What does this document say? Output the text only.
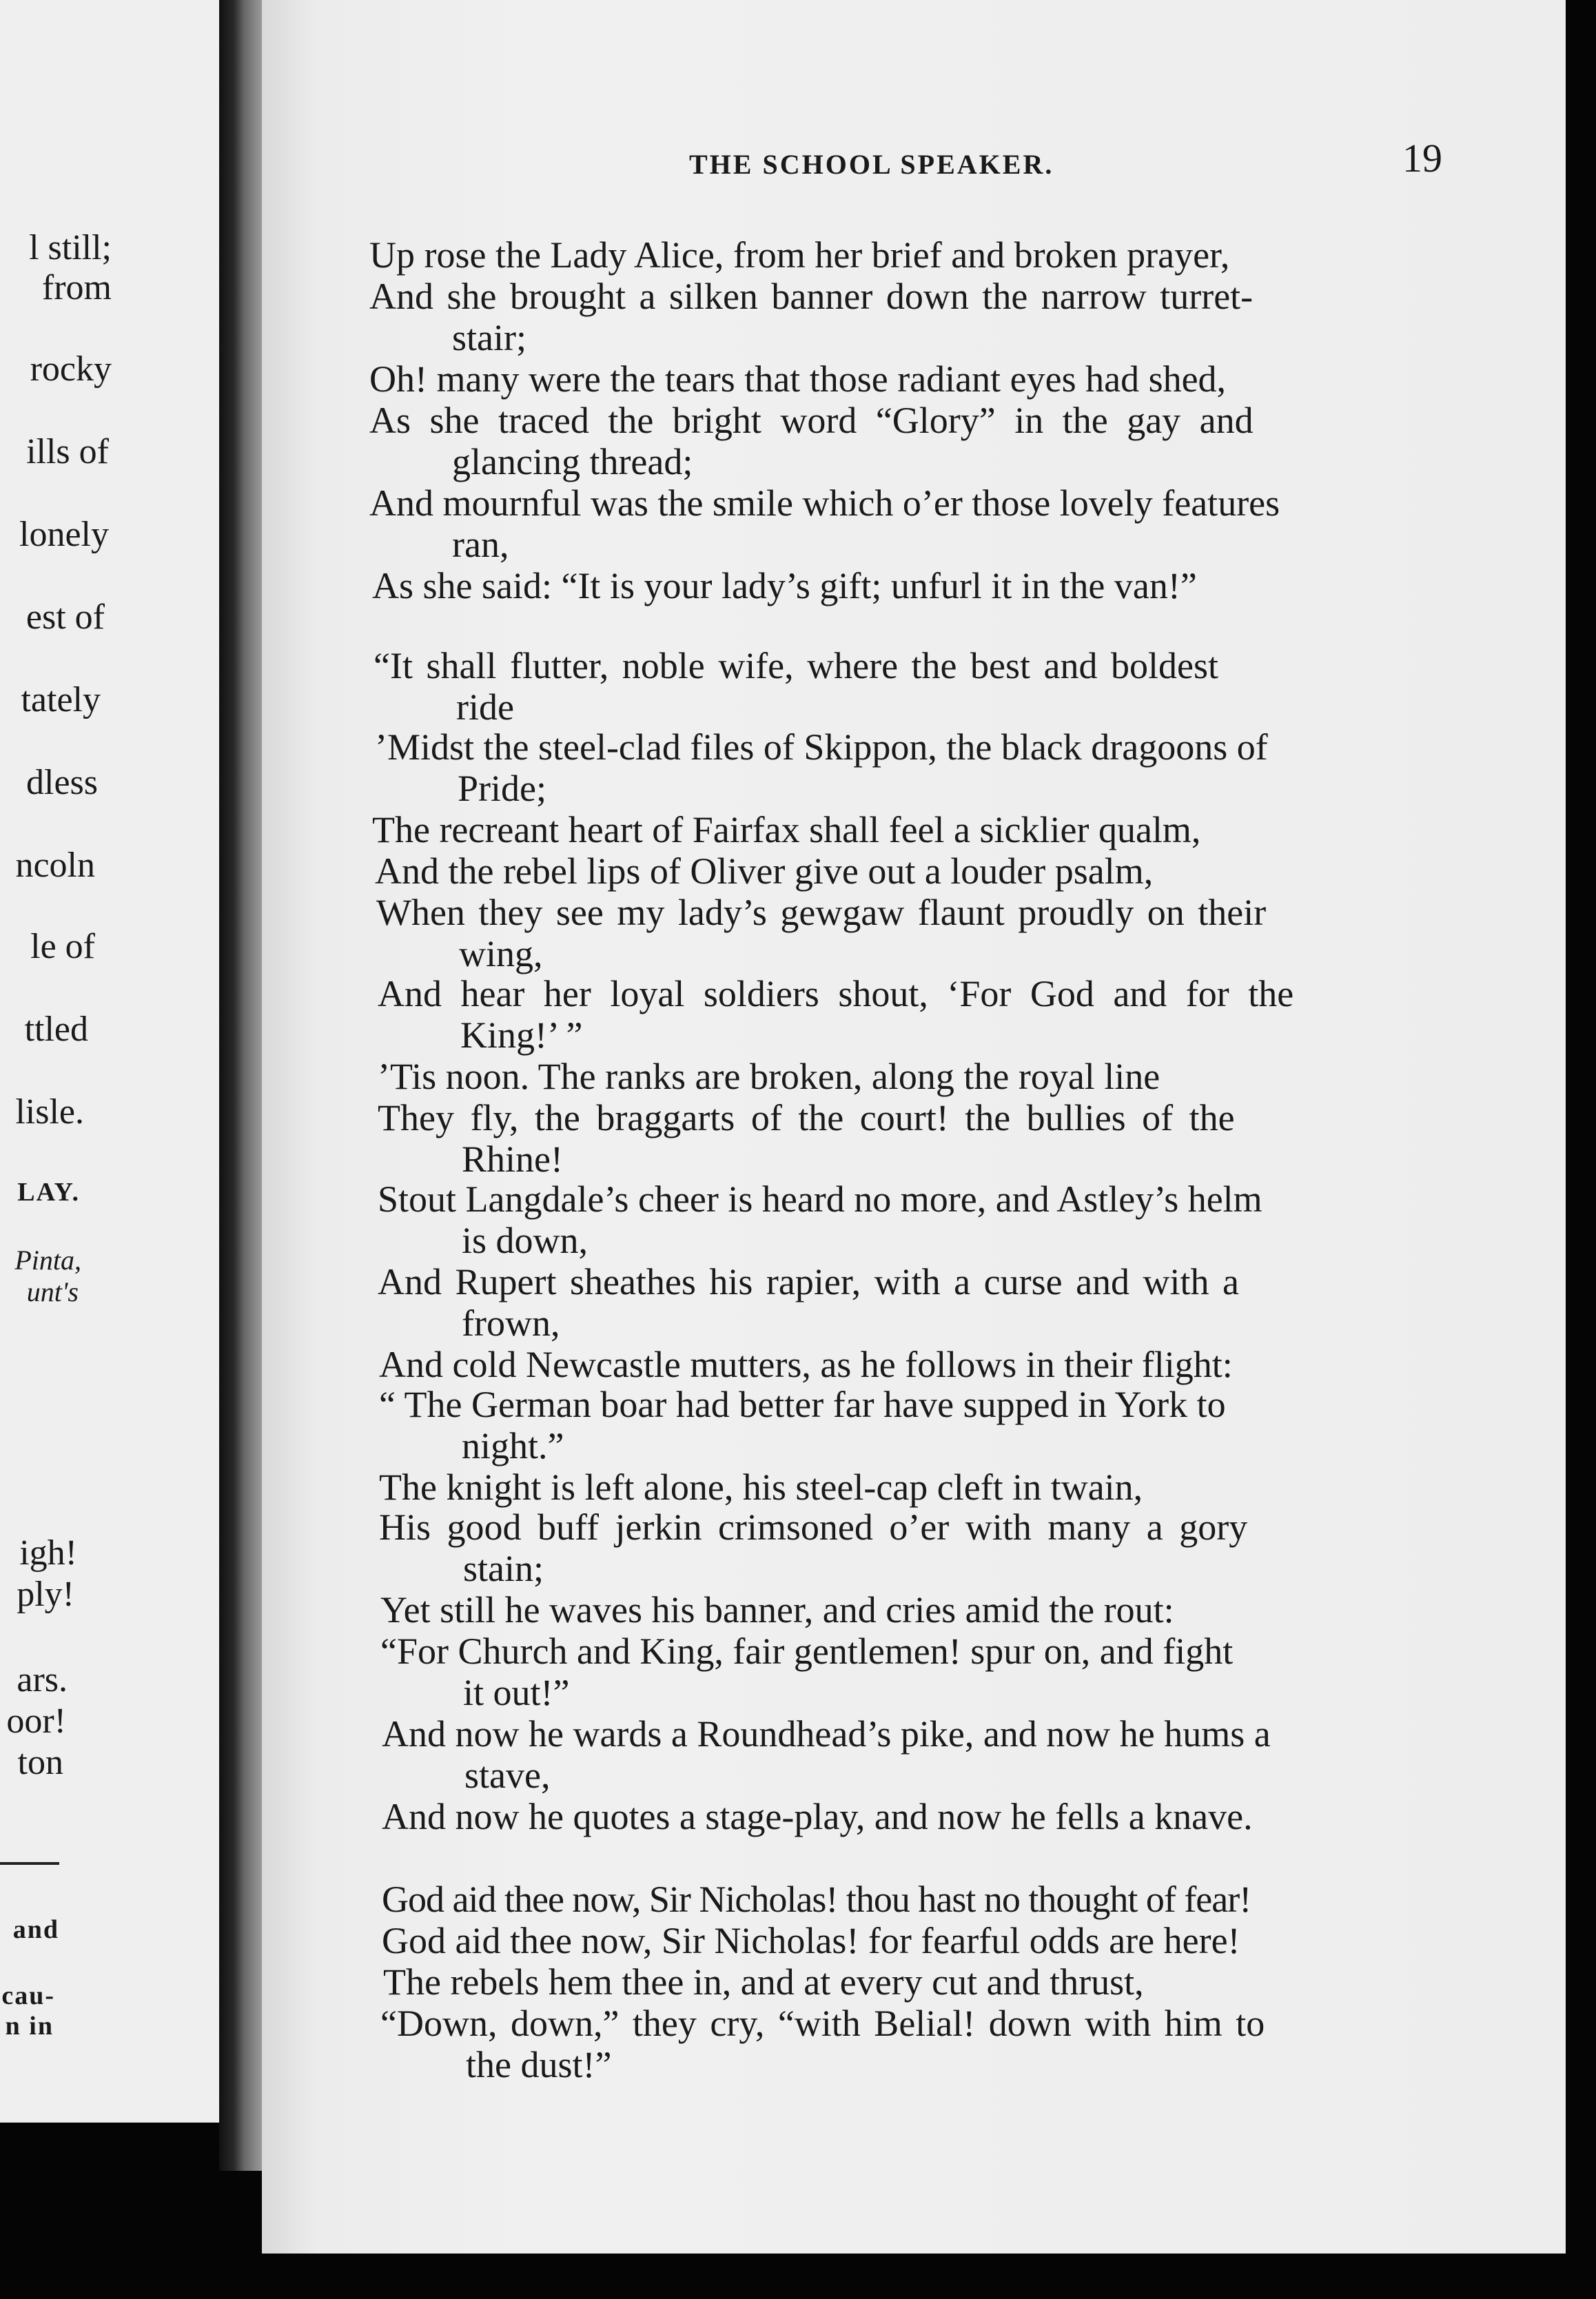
l still;
from
rocky
ills of
lonely
est of
tately
dless
ncoln
le of
ttled
lisle.
LAY.
Pinta,
unt's
igh!
ply!
ars.
oor!
ton
and
cau-
n in
THE SCHOOL SPEAKER.	19
Up rose the Lady Alice, from her brief and broken prayer,
And she brought a silken banner down the narrow turret-
stair;
Oh! many were the tears that those radiant eyes had shed,
As she traced the bright word “Glory” in the gay and
glancing thread;
And mournful was the smile which o’er those lovely features
ran,
As she said: “It is your lady’s gift; unfurl it in the van!”
“It shall flutter, noble wife, where the best and boldest
ride
’Midst the steel-clad files of Skippon, the black dragoons of
Pride;
The recreant heart of Fairfax shall feel a sicklier qualm,
And the rebel lips of Oliver give out a louder psalm,
When they see my lady’s gewgaw flaunt proudly on their
wing,
And hear her loyal soldiers shout, ‘For God and for the
King!’ ”
’Tis noon. The ranks are broken, along the royal line
They fly, the braggarts of the court! the bullies of the
Rhine!
Stout Langdale’s cheer is heard no more, and Astley’s helm
is down,
And Rupert sheathes his rapier, with a curse and with a
frown,
And cold Newcastle mutters, as he follows in their flight:
“ The German boar had better far have supped in York to
night.”
The knight is left alone, his steel-cap cleft in twain,
His good buff jerkin crimsoned o’er with many a gory
stain;
Yet still he waves his banner, and cries amid the rout:
“For Church and King, fair gentlemen! spur on, and fight
it out!”
And now he wards a Roundhead’s pike, and now he hums a
stave,
And now he quotes a stage-play, and now he fells a knave.
God aid thee now, Sir Nicholas! thou hast no thought of fear!
God aid thee now, Sir Nicholas! for fearful odds are here!
The rebels hem thee in, and at every cut and thrust,
“Down, down,” they cry, “with Belial! down with him to
the dust!”
